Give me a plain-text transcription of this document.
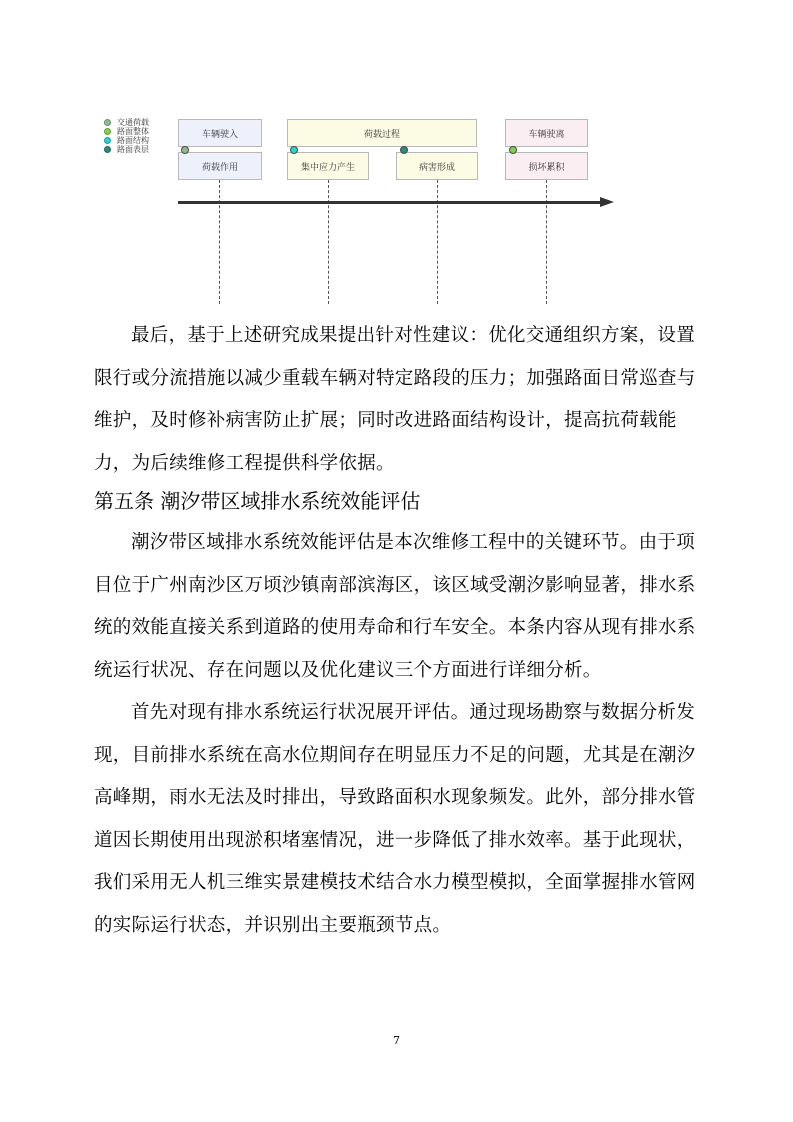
交通荷载
路面整体
路面结构
路面表层
车辆驶入	荷载过程	车辆驶离
荷载作用	集中应力产生	病害形成	损坏累积

最后，基于上述研究成果提出针对性建议：优化交通组织方案，设置限行或分流措施以减少重载车辆对特定路段的压力；加强路面日常巡查与维护，及时修补病害防止扩展；同时改进路面结构设计，提高抗荷载能力，为后续维修工程提供科学依据。

第五条 潮汐带区域排水系统效能评估

潮汐带区域排水系统效能评估是本次维修工程中的关键环节。由于项目位于广州南沙区万顷沙镇南部滨海区，该区域受潮汐影响显著，排水系统的效能直接关系到道路的使用寿命和行车安全。本条内容从现有排水系统运行状况、存在问题以及优化建议三个方面进行详细分析。

首先对现有排水系统运行状况展开评估。通过现场勘察与数据分析发现，目前排水系统在高水位期间存在明显压力不足的问题，尤其是在潮汐高峰期，雨水无法及时排出，导致路面积水现象频发。此外，部分排水管道因长期使用出现淤积堵塞情况，进一步降低了排水效率。基于此现状，我们采用无人机三维实景建模技术结合水力模型模拟，全面掌握排水管网的实际运行状态，并识别出主要瓶颈节点。

7
